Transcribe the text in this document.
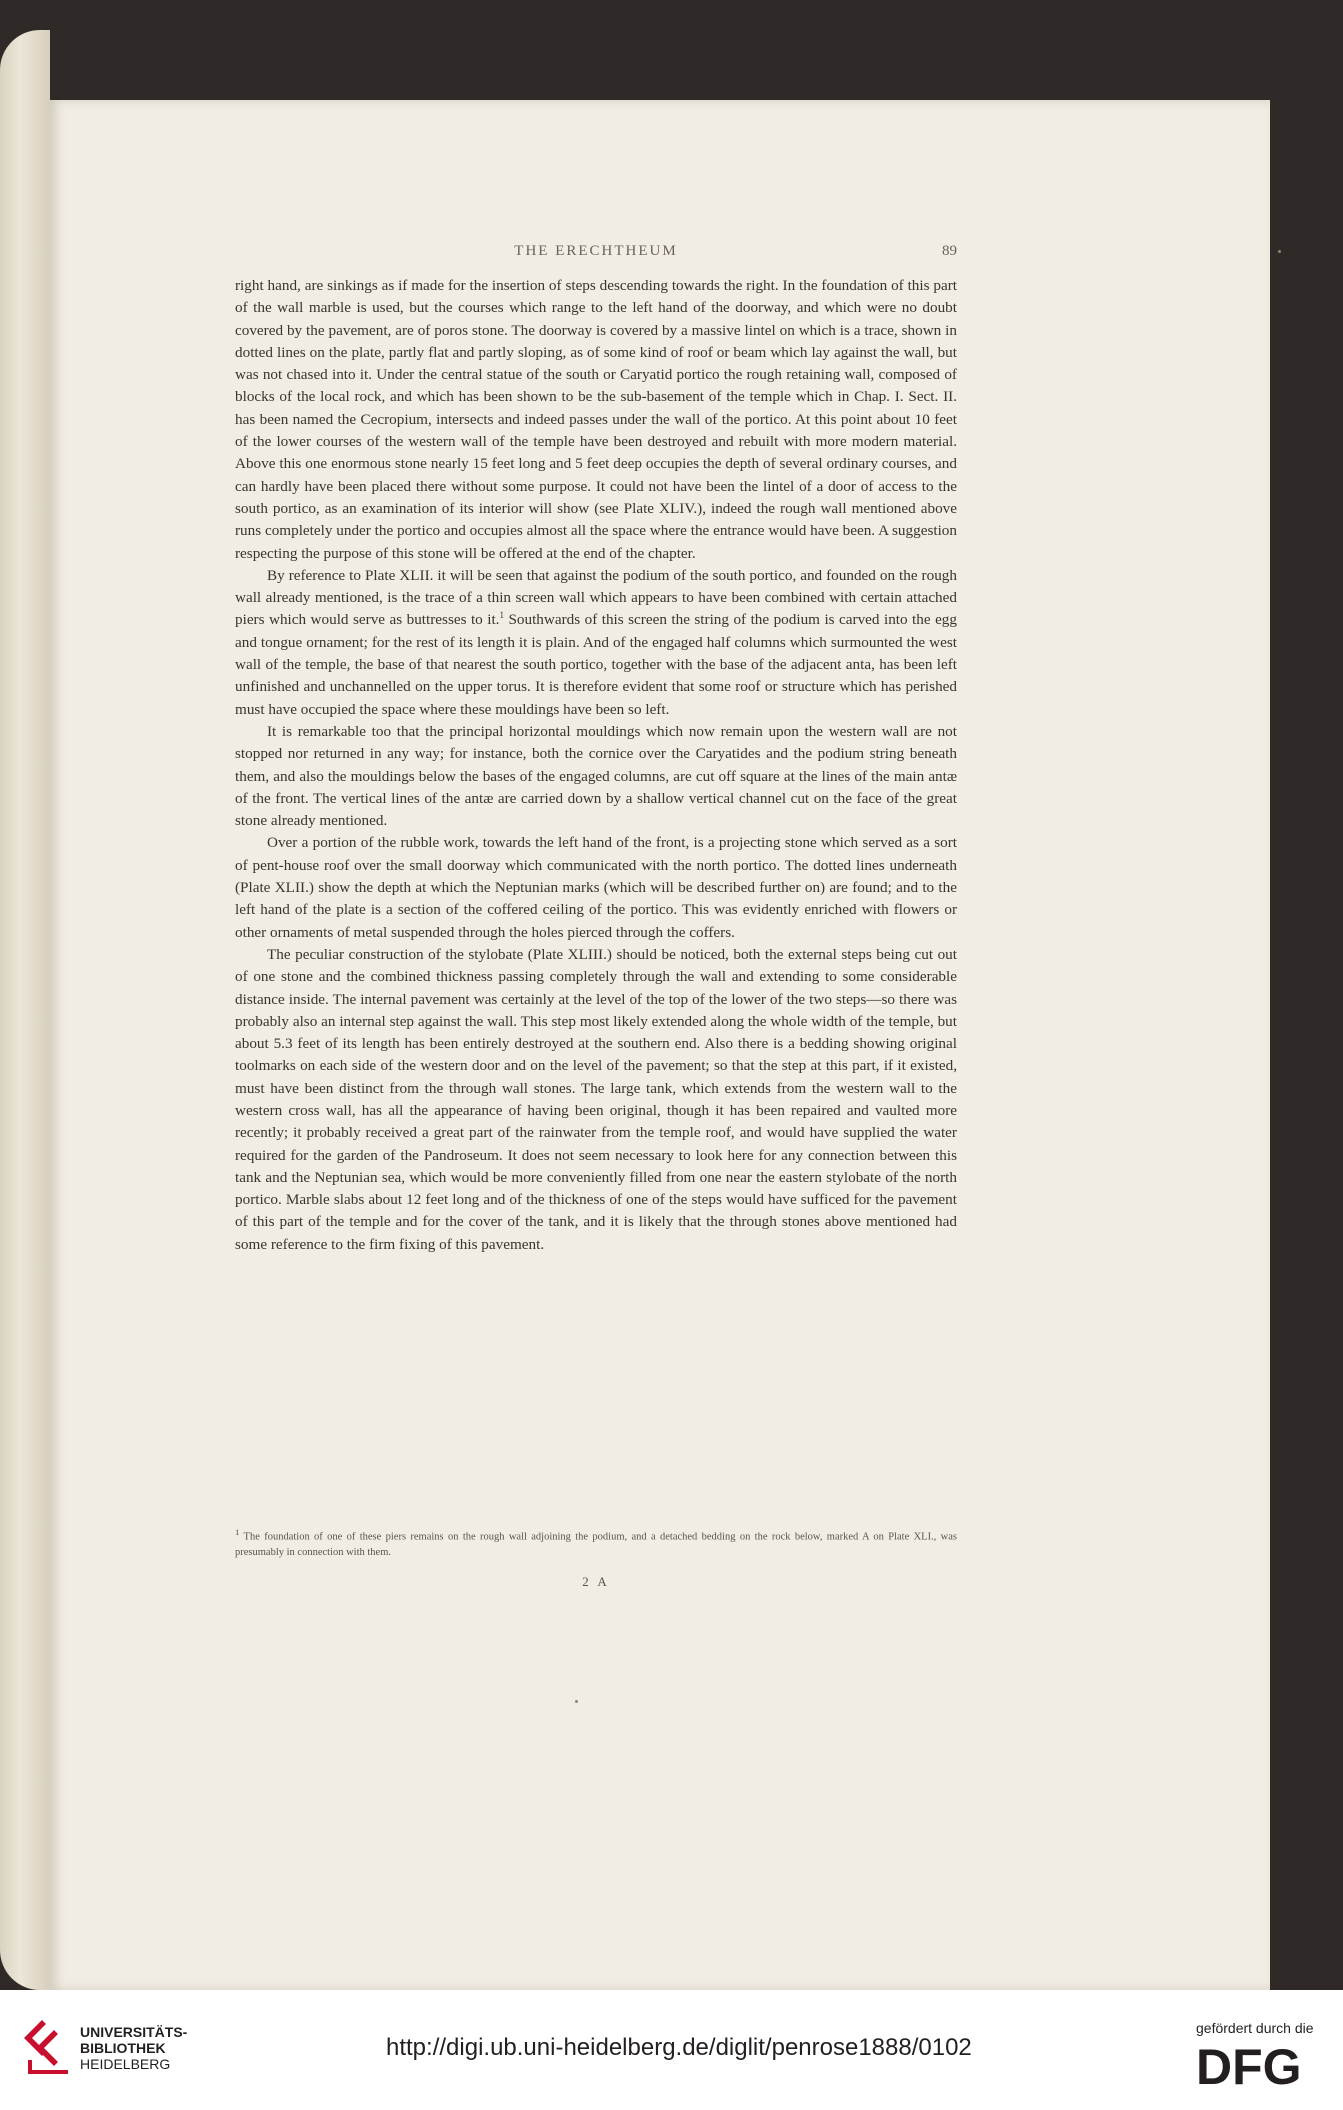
THE ERECHTHEUM	89

right hand, are sinkings as if made for the insertion of steps descending towards the right. In the foundation of this part of the wall marble is used, but the courses which range to the left hand of the doorway, and which were no doubt covered by the pavement, are of poros stone. The doorway is covered by a massive lintel on which is a trace, shown in dotted lines on the plate, partly flat and partly sloping, as of some kind of roof or beam which lay against the wall, but was not chased into it. Under the central statue of the south or Caryatid portico the rough retaining wall, composed of blocks of the local rock, and which has been shown to be the sub-basement of the temple which in Chap. I. Sect. II. has been named the Cecropium, intersects and indeed passes under the wall of the portico. At this point about 10 feet of the lower courses of the western wall of the temple have been destroyed and rebuilt with more modern material. Above this one enormous stone nearly 15 feet long and 5 feet deep occupies the depth of several ordinary courses, and can hardly have been placed there without some purpose. It could not have been the lintel of a door of access to the south portico, as an examination of its interior will show (see Plate XLIV.), indeed the rough wall mentioned above runs completely under the portico and occupies almost all the space where the entrance would have been. A suggestion respecting the purpose of this stone will be offered at the end of the chapter.

By reference to Plate XLII. it will be seen that against the podium of the south portico, and founded on the rough wall already mentioned, is the trace of a thin screen wall which appears to have been combined with certain attached piers which would serve as buttresses to it.$^1$ Southwards of this screen the string of the podium is carved into the egg and tongue ornament; for the rest of its length it is plain. And of the engaged half columns which surmounted the west wall of the temple, the base of that nearest the south portico, together with the base of the adjacent anta, has been left unfinished and unchannelled on the upper torus. It is therefore evident that some roof or structure which has perished must have occupied the space where these mouldings have been so left.

It is remarkable too that the principal horizontal mouldings which now remain upon the western wall are not stopped nor returned in any way; for instance, both the cornice over the Caryatides and the podium string beneath them, and also the mouldings below the bases of the engaged columns, are cut off square at the lines of the main antæ of the front. The vertical lines of the antæ are carried down by a shallow vertical channel cut on the face of the great stone already mentioned.

Over a portion of the rubble work, towards the left hand of the front, is a projecting stone which served as a sort of pent-house roof over the small doorway which communicated with the north portico. The dotted lines underneath (Plate XLII.) show the depth at which the Neptunian marks (which will be described further on) are found; and to the left hand of the plate is a section of the coffered ceiling of the portico. This was evidently enriched with flowers or other ornaments of metal suspended through the holes pierced through the coffers.

The peculiar construction of the stylobate (Plate XLIII.) should be noticed, both the external steps being cut out of one stone and the combined thickness passing completely through the wall and extending to some considerable distance inside. The internal pavement was certainly at the level of the top of the lower of the two steps—so there was probably also an internal step against the wall. This step most likely extended along the whole width of the temple, but about 5.3 feet of its length has been entirely destroyed at the southern end. Also there is a bedding showing original toolmarks on each side of the western door and on the level of the pavement; so that the step at this part, if it existed, must have been distinct from the through wall stones. The large tank, which extends from the western wall to the western cross wall, has all the appearance of having been original, though it has been repaired and vaulted more recently; it probably received a great part of the rainwater from the temple roof, and would have supplied the water required for the garden of the Pandroseum. It does not seem necessary to look here for any connection between this tank and the Neptunian sea, which would be more conveniently filled from one near the eastern stylobate of the north portico. Marble slabs about 12 feet long and of the thickness of one of the steps would have sufficed for the pavement of this part of the temple and for the cover of the tank, and it is likely that the through stones above mentioned had some reference to the firm fixing of this pavement.

$^1$ The foundation of one of these piers remains on the rough wall adjoining the podium, and a detached bedding on the rock below, marked A on Plate XLI., was presumably in connection with them.
2 A
UNIVERSITÄTS-
BIBLIOTHEK
HEIDELBERG
http://digi.ub.uni-heidelberg.de/diglit/penrose1888/0102
gefördert durch die
DFG
